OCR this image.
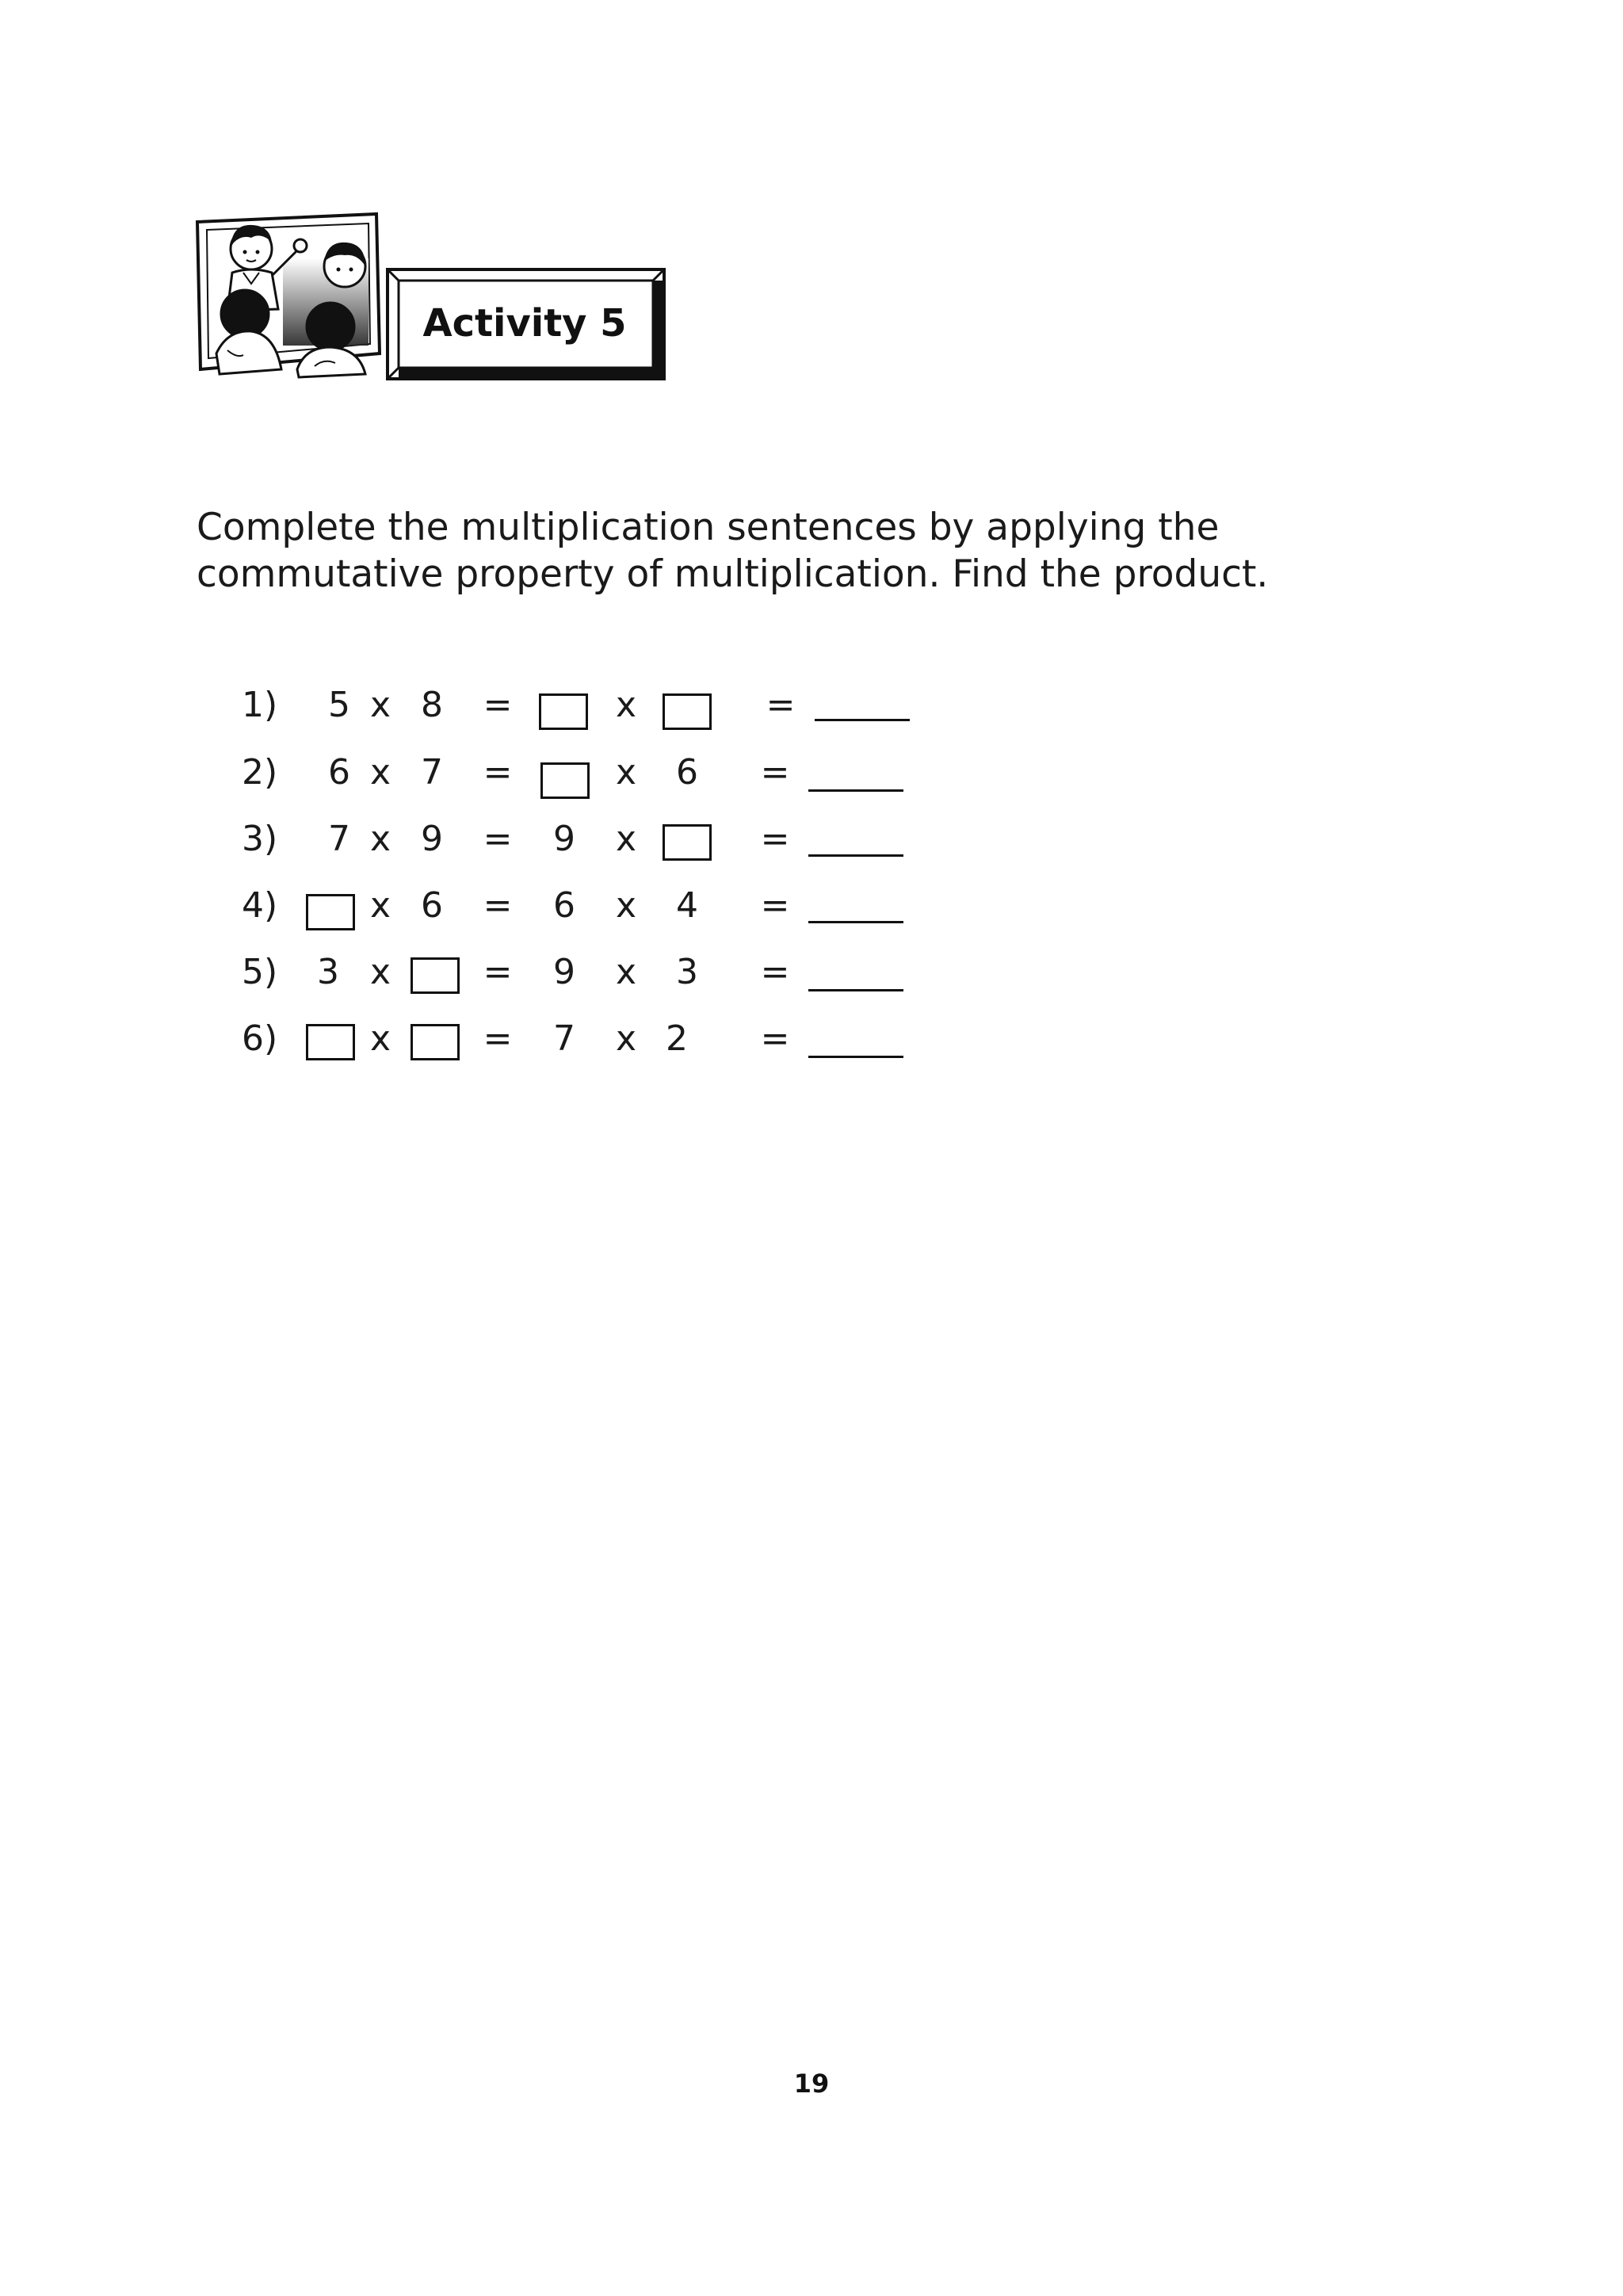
Activity 5
Complete the multiplication sentences by applying the
commutative property of multiplication. Find the product.
1)	5 x 8 =	x	=
2)	6 x 7 =	x 6 =
3)	7 x 9 = 9 x	=
4)	x 6 = 6 x 4 =
5)	3 x	= 9 x 3 =
6)	x	= 7 x 2 =
19
